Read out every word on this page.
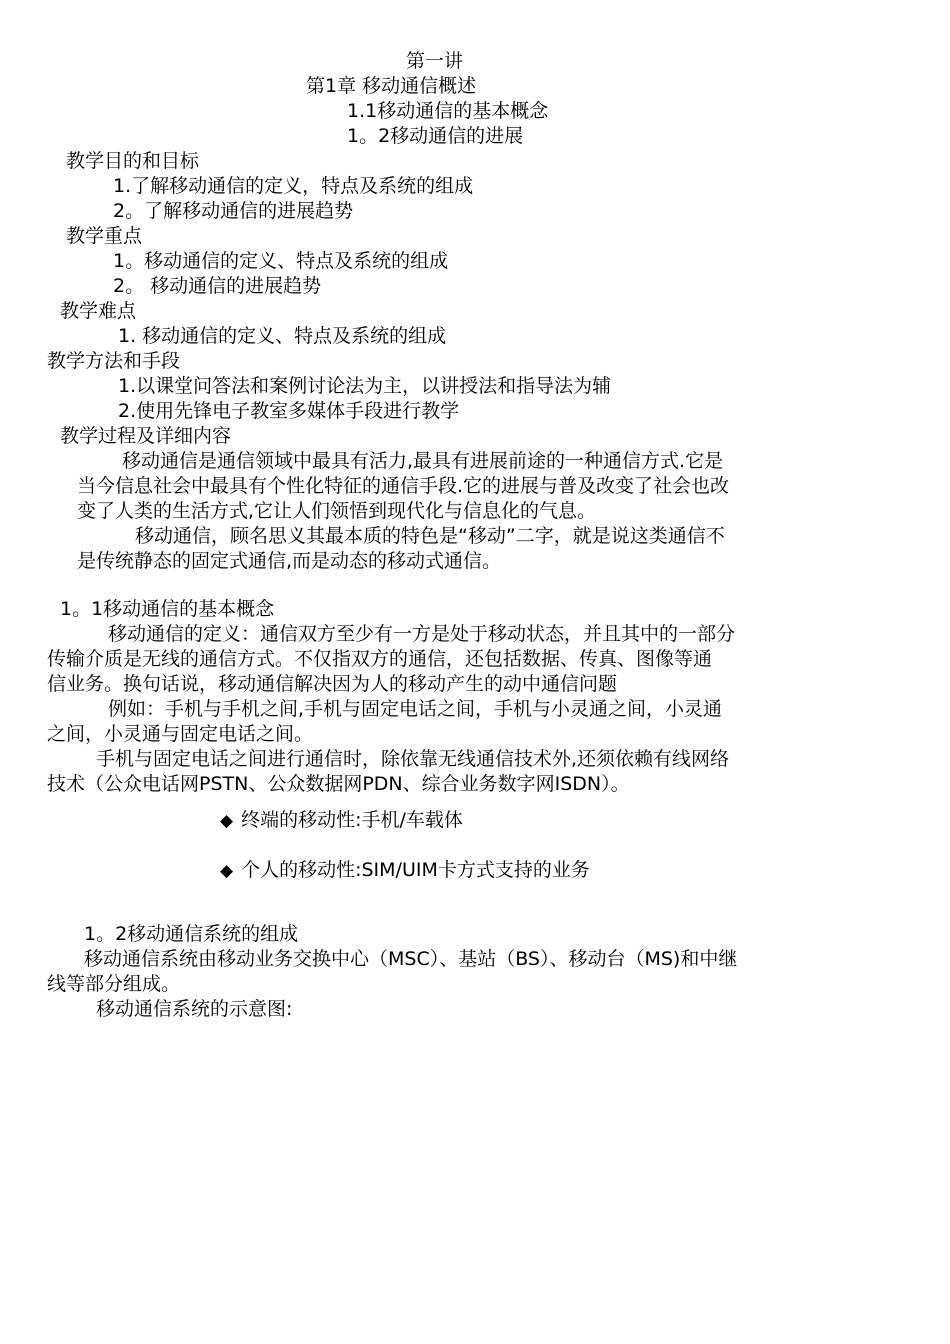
第一讲
第1章 移动通信概述
1.1移动通信的基本概念
1。2移动通信的进展
教学目的和目标
1.了解移动通信的定义，特点及系统的组成
2。了解移动通信的进展趋势
教学重点
1。移动通信的定义、特点及系统的组成
2。 移动通信的进展趋势
教学难点
1. 移动通信的定义、特点及系统的组成
教学方法和手段
1.以课堂问答法和案例讨论法为主，以讲授法和指导法为辅
2.使用先锋电子教室多媒体手段进行教学
教学过程及详细内容
移动通信是通信领域中最具有活力,最具有进展前途的一种通信方式.它是
当今信息社会中最具有个性化特征的通信手段.它的进展与普及改变了社会也改
变了人类的生活方式,它让人们领悟到现代化与信息化的气息。
移动通信，顾名思义其最本质的特色是“移动”二字，就是说这类通信不
是传统静态的固定式通信,而是动态的移动式通信。
1。1移动通信的基本概念
移动通信的定义：通信双方至少有一方是处于移动状态，并且其中的一部分
传输介质是无线的通信方式。不仅指双方的通信，还包括数据、传真、图像等通
信业务。换句话说，移动通信解决因为人的移动产生的动中通信问题
例如：手机与手机之间,手机与固定电话之间，手机与小灵通之间，小灵通
之间，小灵通与固定电话之间。
手机与固定电话之间进行通信时，除依靠无线通信技术外,还须依赖有线网络
技术（公众电话网PSTN、公众数据网PDN、综合业务数字网ISDN）。
◆ 终端的移动性:手机/车载体
◆ 个人的移动性:SIM/UIM卡方式支持的业务
1。2移动通信系统的组成
移动通信系统由移动业务交换中心（MSC）、基站（BS）、移动台（MS)和中继
线等部分组成。
移动通信系统的示意图:
